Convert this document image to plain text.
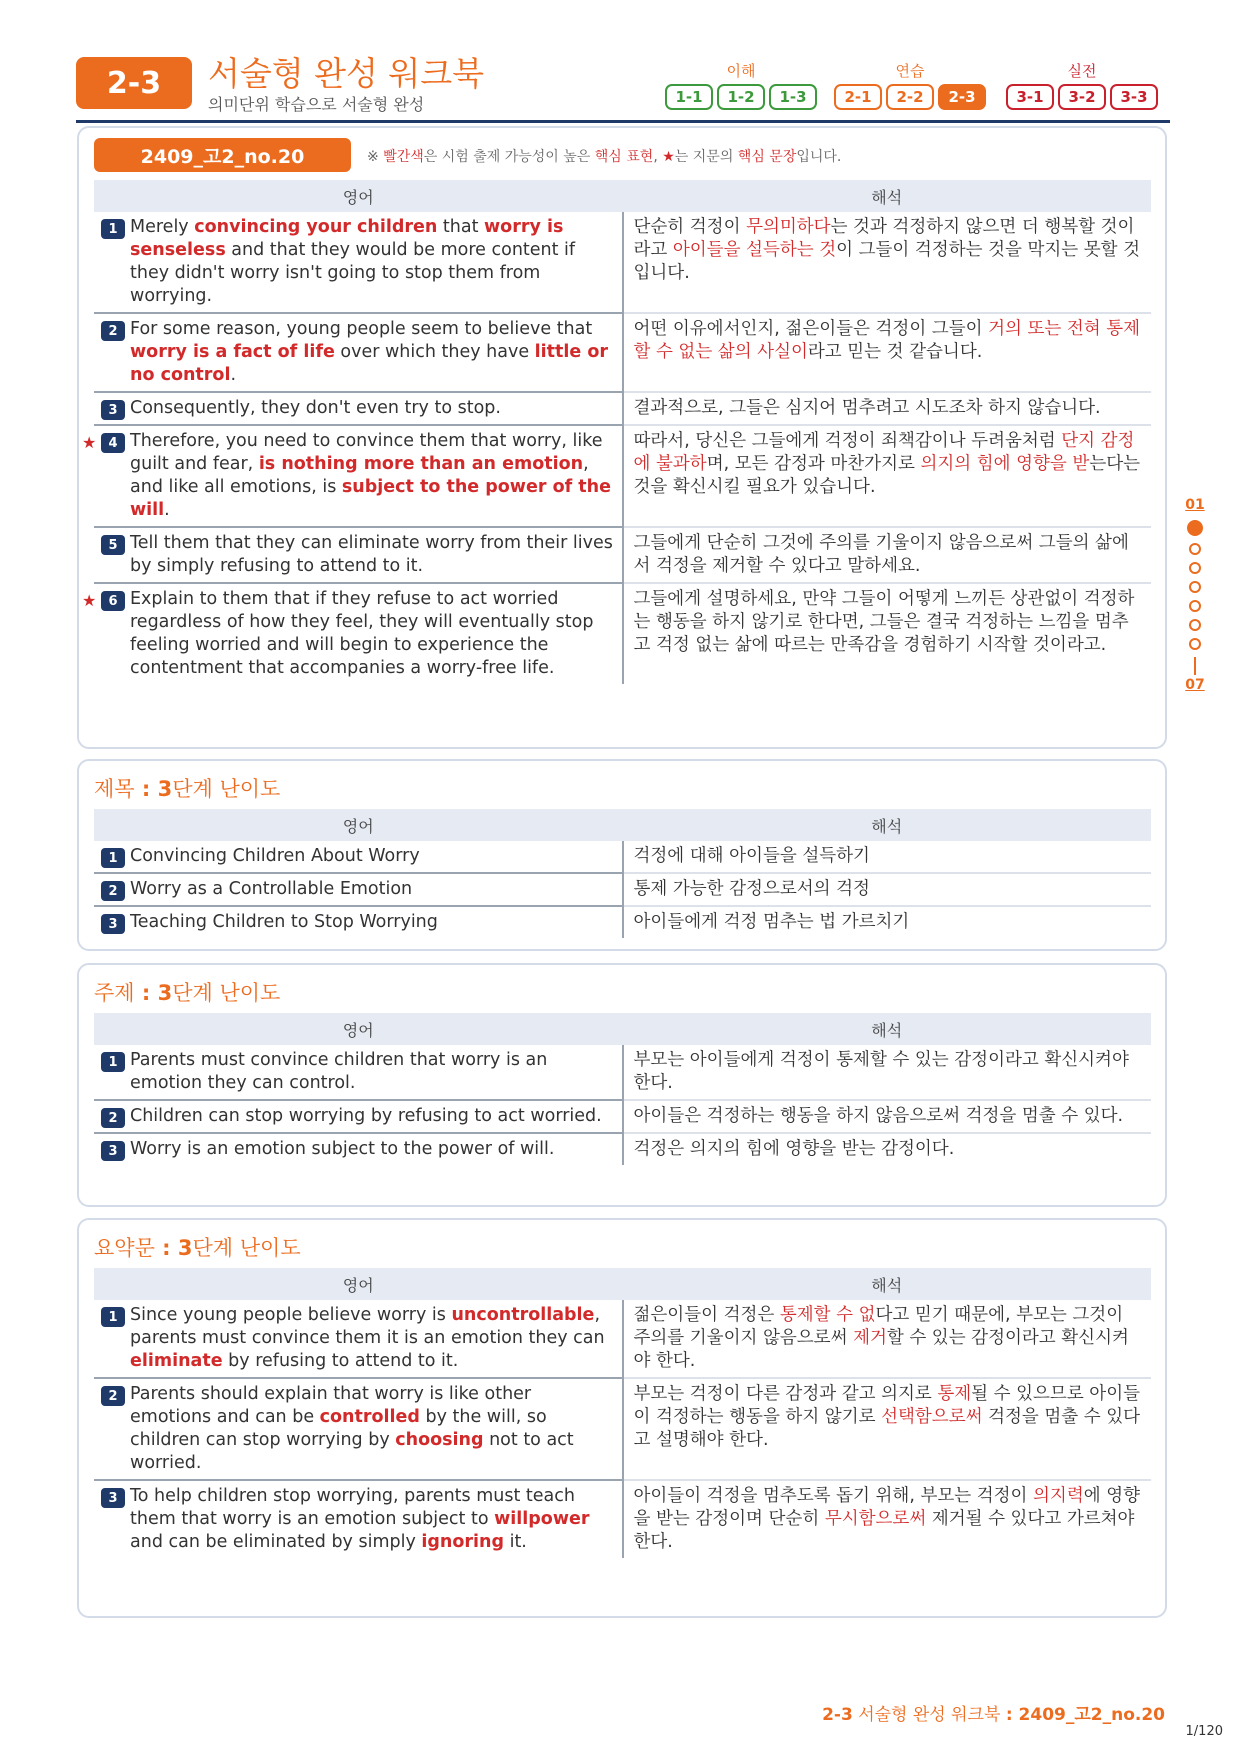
2-3	서술형 완성 워크북
의미단위 학습으로 서술형 완성
이해
1-1	1-2	1-3
연습
2-1	2-2	2-3
실전
3-1	3-2	3-3
2409_고2_no.20	※ 빨간색은 시험 출제 가능성이 높은 핵심 표현, ★는 지문의 핵심 문장입니다.
영어	해석

1 Merely convincing your children that worry is senseless and that they would be more content if they didn't worry isn't going to stop them from worrying.	단순히 걱정이 무의미하다는 것과 걱정하지 않으면 더 행복할 것이라고 아이들을 설득하는 것이 그들이 걱정하는 것을 막지는 못할 것입니다.

2 For some reason, young people seem to believe that worry is a fact of life over which they have little or no control.	어떤 이유에서인지, 젊은이들은 걱정이 그들이 거의 또는 전혀 통제할 수 없는 삶의 사실이라고 믿는 것 같습니다.

3 Consequently, they don't even try to stop.	결과적으로, 그들은 심지어 멈추려고 시도조차 하지 않습니다.

★ 4 Therefore, you need to convince them that worry, like guilt and fear, is nothing more than an emotion, and like all emotions, is subject to the power of the will.	따라서, 당신은 그들에게 걱정이 죄책감이나 두려움처럼 단지 감정에 불과하며, 모든 감정과 마찬가지로 의지의 힘에 영향을 받는다는 것을 확신시킬 필요가 있습니다.

5 Tell them that they can eliminate worry from their lives by simply refusing to attend to it.	그들에게 단순히 그것에 주의를 기울이지 않음으로써 그들의 삶에서 걱정을 제거할 수 있다고 말하세요.

★ 6 Explain to them that if they refuse to act worried regardless of how they feel, they will eventually stop feeling worried and will begin to experience the contentment that accompanies a worry-free life.	그들에게 설명하세요, 만약 그들이 어떻게 느끼든 상관없이 걱정하는 행동을 하지 않기로 한다면, 그들은 결국 걱정하는 느낌을 멈추고 걱정 없는 삶에 따르는 만족감을 경험하기 시작할 것이라고.
제목 : 3단계 난이도
영어	해석

1 Convincing Children About Worry	걱정에 대해 아이들을 설득하기

2 Worry as a Controllable Emotion	통제 가능한 감정으로서의 걱정

3 Teaching Children to Stop Worrying	아이들에게 걱정 멈추는 법 가르치기
주제 : 3단계 난이도
영어	해석

1 Parents must convince children that worry is an emotion they can control.	부모는 아이들에게 걱정이 통제할 수 있는 감정이라고 확신시켜야 한다.

2 Children can stop worrying by refusing to act worried.	아이들은 걱정하는 행동을 하지 않음으로써 걱정을 멈출 수 있다.

3 Worry is an emotion subject to the power of will.	걱정은 의지의 힘에 영향을 받는 감정이다.
요약문 : 3단계 난이도
영어	해석

1 Since young people believe worry is uncontrollable, parents must convince them it is an emotion they can eliminate by refusing to attend to it.	젊은이들이 걱정은 통제할 수 없다고 믿기 때문에, 부모는 그것이 주의를 기울이지 않음으로써 제거할 수 있는 감정이라고 확신시켜야 한다.

2 Parents should explain that worry is like other emotions and can be controlled by the will, so children can stop worrying by choosing not to act worried.	부모는 걱정이 다른 감정과 같고 의지로 통제될 수 있으므로 아이들이 걱정하는 행동을 하지 않기로 선택함으로써 걱정을 멈출 수 있다고 설명해야 한다.

3 To help children stop worrying, parents must teach them that worry is an emotion subject to willpower and can be eliminated by simply ignoring it.	아이들이 걱정을 멈추도록 돕기 위해, 부모는 걱정이 의지력에 영향을 받는 감정이며 단순히 무시함으로써 제거될 수 있다고 가르쳐야 한다.
01
07
2-3 서술형 완성 워크북 : 2409_고2_no.20
1/120
